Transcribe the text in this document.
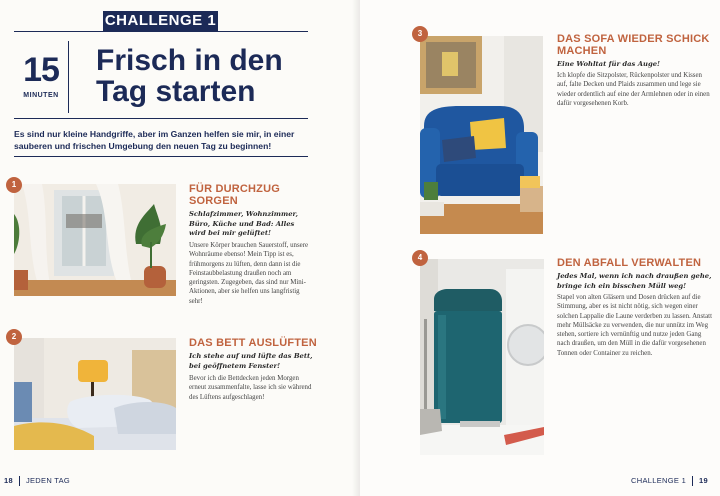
CHALLENGE 1
15
MINUTEN
Frisch in den
Tag starten
Es sind nur kleine Handgriffe, aber im Ganzen helfen sie mir, in einer sauberen und frischen Umgebung den neuen Tag zu beginnen!
1	FÜR DURCHZUG
SORGEN
Schlafzimmer, Wohnzimmer, Büro, Küche und Bad: Alles wird bei mir gelüftet!
Unsere Körper brauchen Sauerstoff, unsere Wohnräume ebenso! Mein Tipp ist es, frühmorgens zu lüften, denn dann ist die Feinstaubbelastung draußen noch am geringsten. Zugegeben, das sind nur Mini-Aktionen, aber sie helfen uns langfristig sehr!
2
DAS BETT AUSLÜFTEN
Ich stehe auf und lüfte das Bett, bei geöffnetem Fenster!
Bevor ich die Bettdecken jeden Morgen erneut zusammenfalte, lasse ich sie während des Lüftens aufgeschlagen!
18 JEDEN TAG
3	DAS SOFA WIEDER SCHICK
MACHEN
Eine Wohltat für das Auge!
Ich klopfe die Sitzpolster, Rückenpolster und Kissen auf, falte Decken und Plaids zusammen und lege sie wieder ordentlich auf eine der Armlehnen oder in einen dafür vorgesehenen Korb.
4	DEN ABFALL VERWALTEN
Jedes Mal, wenn ich nach draußen gehe, bringe ich ein bisschen Müll weg!
Stapel von alten Gläsern und Dosen drücken auf die Stimmung, aber es ist nicht nötig, sich wegen einer solchen Lappalie die Laune verderben zu lassen. Anstatt mehr Müllsäcke zu verwenden, die nur unnütz im Weg stehen, sortiere ich vernünftig und nutze jeden Gang nach draußen, um den Müll in die dafür vorgesehenen Tonnen oder Container zu reichen.
CHALLENGE 1 19
